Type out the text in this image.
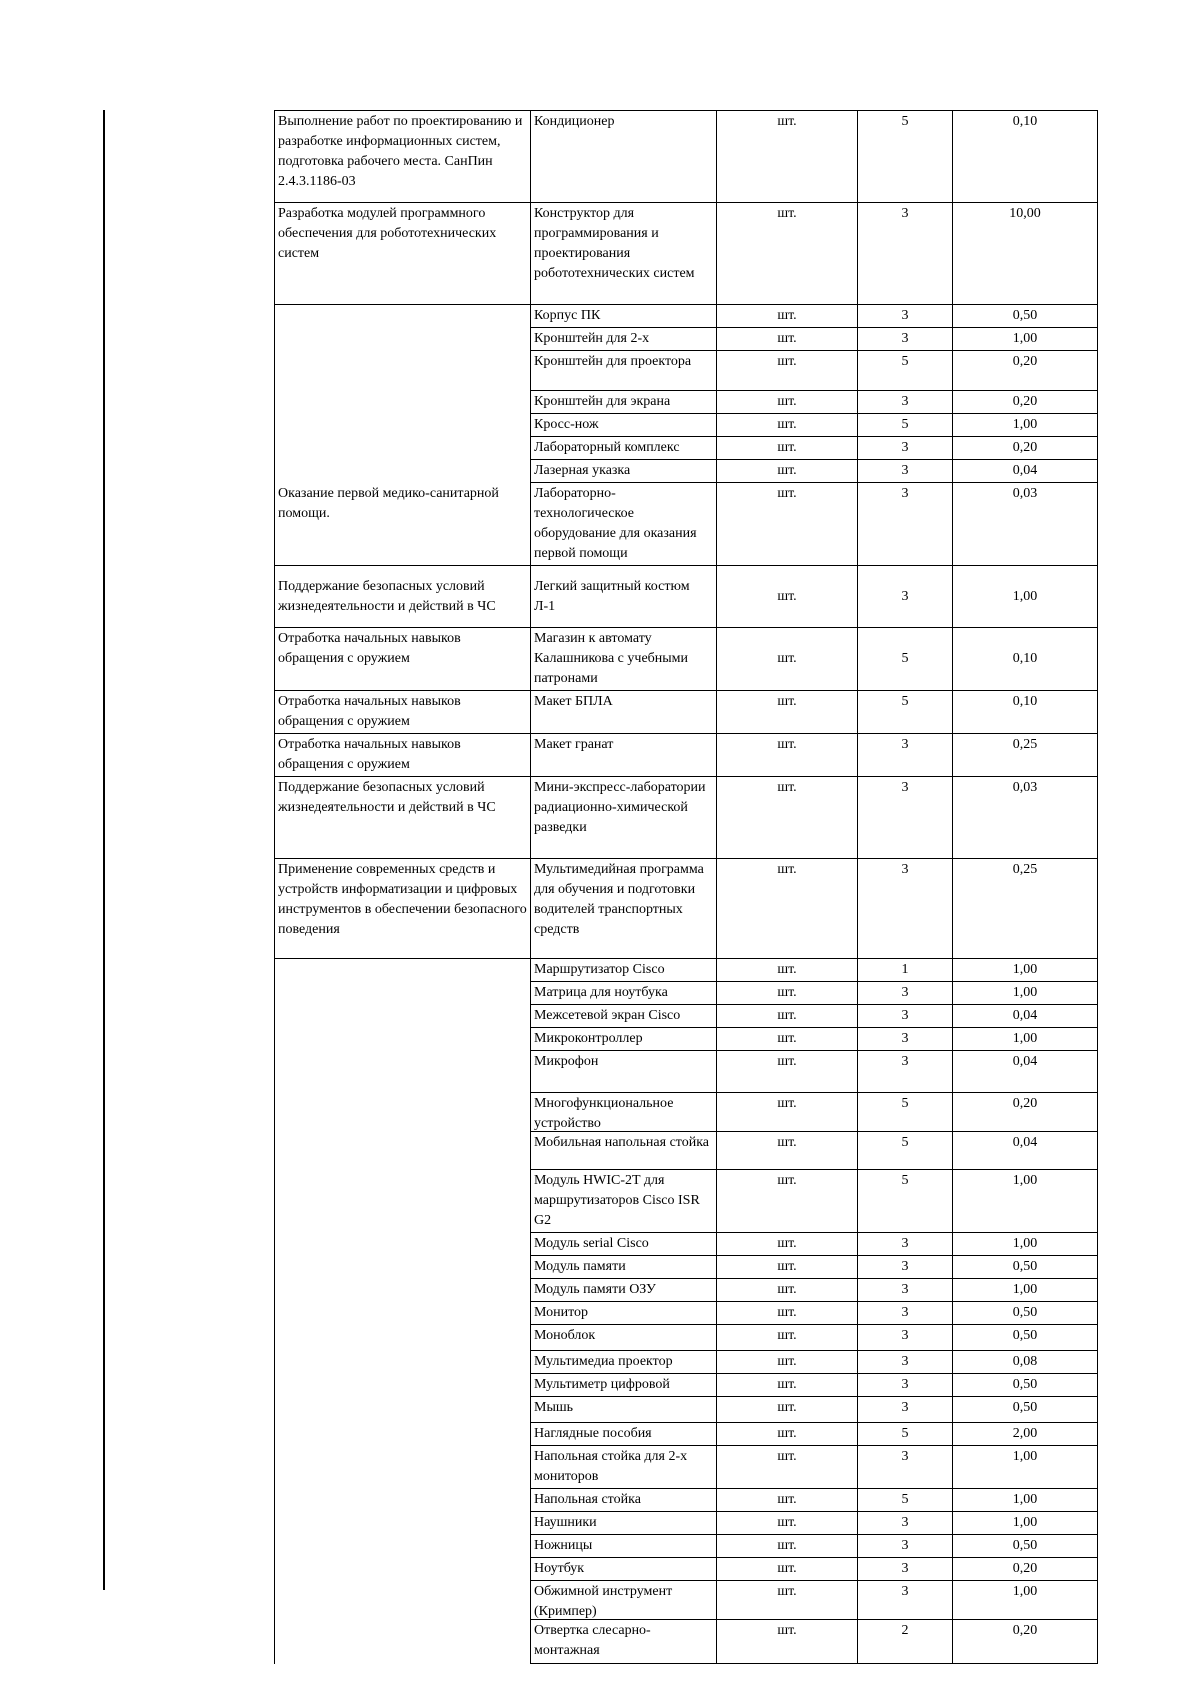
Выполнение работ по проектированию и разработке информационных систем, подготовка рабочего места. СанПин 2.4.3.1186-03	Кондиционер	шт.	5	0,10
Разработка модулей программного обеспечения для робототехнических систем	Конструктор для программирования и проектирования робототехнических систем	шт.	3	10,00

Оказание первой медико-санитарной помощи.	Корпус ПК	шт.	3	0,50
	Кронштейн для 2-х	шт.	3	1,00
	Кронштейн для проектора	шт.	5	0,20
	Кронштейн для экрана	шт.	3	0,20
	Кросс-нож	шт.	5	1,00
	Лабораторный комплекс	шт.	3	0,20
	Лазерная указка	шт.	3	0,04
	Лабораторно-технологическое оборудование для оказания первой помощи	шт.	3	0,03
Поддержание безопасных условий жизнедеятельности и действий в ЧС	Легкий защитный костюм Л-1	шт.	3	1,00
Отработка начальных навыков обращения с оружием	Магазин к автомату Калашникова с учебными патронами	шт.	5	0,10
Отработка начальных навыков обращения с оружием	Макет БПЛА	шт.	5	0,10
Отработка начальных навыков обращения с оружием	Макет гранат	шт.	3	0,25
Поддержание безопасных условий жизнедеятельности и действий в ЧС	Мини-экспресс-лаборатории радиационно-химической разведки	шт.	3	0,03
Применение современных средств и устройств информатизации и цифровых инструментов в обеспечении безопасного поведения	Мультимедийная программа для обучения и подготовки водителей транспортных средств	шт.	3	0,25
	Маршрутизатор Cisco	шт.	1	1,00
	Матрица для ноутбука	шт.	3	1,00
	Межсетевой экран Cisco	шт.	3	0,04
	Микроконтроллер	шт.	3	1,00
	Микрофон	шт.	3	0,04

	Многофункциональное устройство	шт.	5	0,20
	Мобильная напольная стойка	шт.	5	0,04
	Модуль HWIC-2T для маршрутизаторов Cisco ISR G2	шт.	5	1,00
	Модуль serial Cisco	шт.	3	1,00
	Модуль памяти	шт.	3	0,50
	Модуль памяти ОЗУ	шт.	3	1,00
	Монитор	шт.	3	0,50
	Моноблок	шт.	3	0,50
	Мультимедиа проектор	шт.	3	0,08
	Мультиметр цифровой	шт.	3	0,50
	Мышь	шт.	3	0,50
	Наглядные пособия	шт.	5	2,00
	Напольная стойка для 2-х мониторов	шт.	3	1,00
	Напольная стойка	шт.	5	1,00
	Наушники	шт.	3	1,00
	Ножницы	шт.	3	0,50
	Ноутбук	шт.	3	0,20

	Обжимной инструмент (Кримпер)	шт.	3	1,00
	Отвертка слесарно-монтажная	шт.	2	0,20
